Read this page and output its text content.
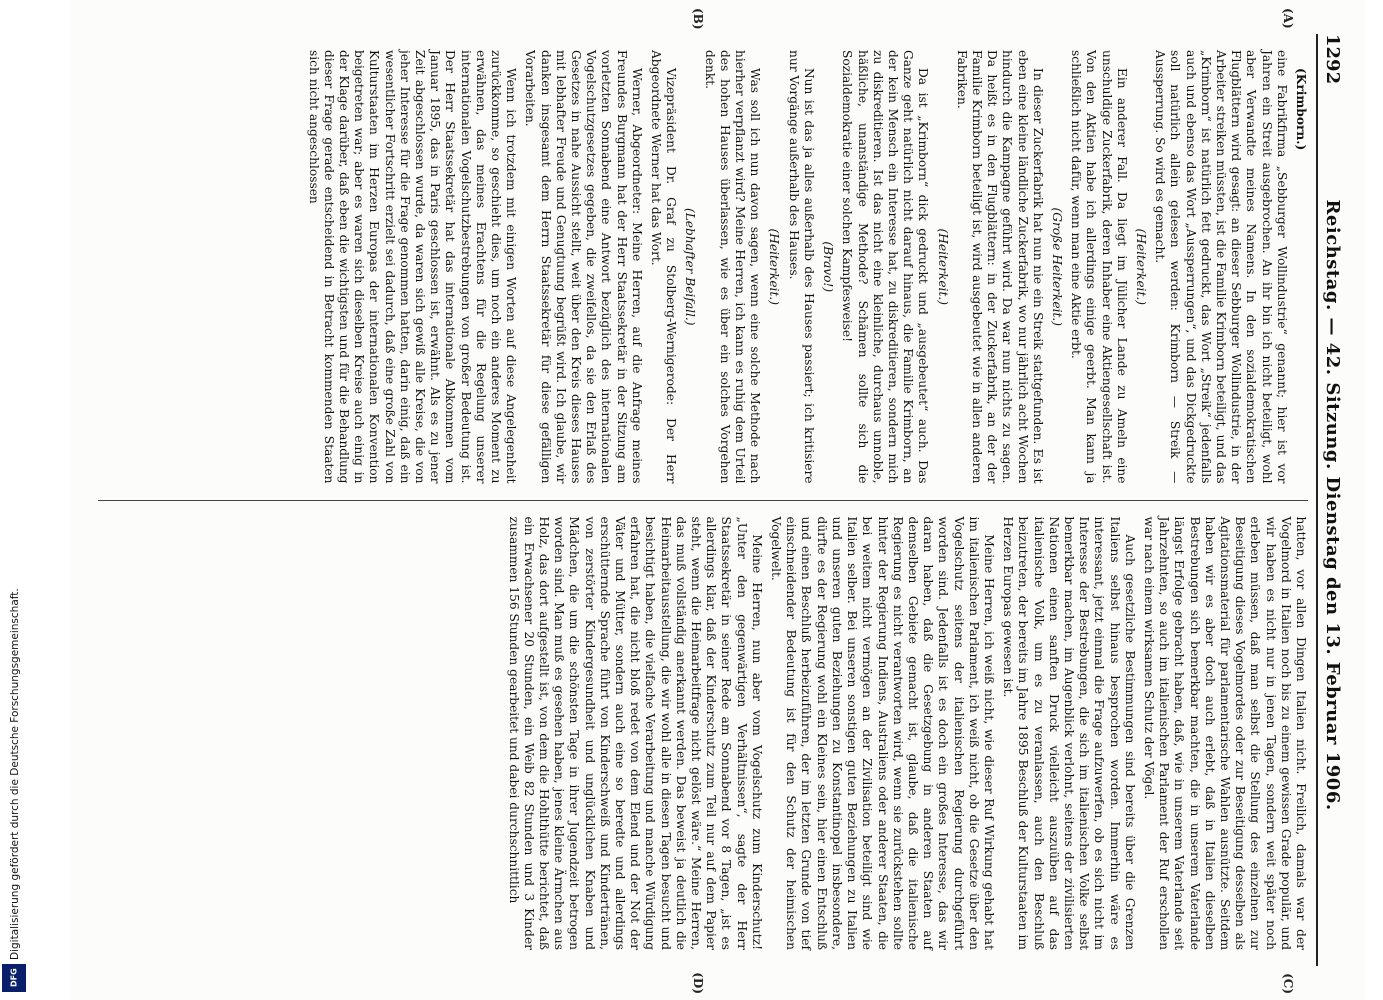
Digitalisierung gefördert durch die Deutsche Forschungsgemeinschaft.
DFG
1292
Reichstag. — 42. Sitzung. Dienstag den 13. Februar 1906.

(Krimborn.)

eine Fabrikfirma „Sebburger Wollindustrie“ genannt; hier ist vor Jahren ein Streit ausgebrochen. An ihr bin ich nicht beteiligt, wohl aber Verwandte meines Namens. In den sozialdemokratischen Flugblättern wird gesagt: an dieser Sebburger Wollindustrie, in der Arbeiter streiken müssten, ist die Familie Krimborn beteiligt, und das „Krimborn“ ist natürlich fett gedruckt, das Wort „Streik“ jedenfalls auch und ebenso das Wort „Aussperrungen“, und das Dickgedruckte soll natürlich allein gelesen werden: Krimborn — Streik — Aussperrung. So wird es gemacht.

(Heiterkeit.)

Ein anderer Fall. Da liegt im Jülicher Lande zu Ameln eine unschuldige Zuckerfabrik, deren Inhaber eine Aktiengesellschaft ist. Von den Aktien habe ich allerdings einige geerbt. Man kann ja schließlich nicht dafür, wenn man eine Aktie erbt.

(Große Heiterkeit.)

In dieser Zuckerfabrik hat nun nie ein Streik stattgefunden. Es ist eben eine kleine ländliche Zuckerfabrik, wo nur jährlich acht Wochen hindurch die Kampagne geführt wird. Da war nun nichts zu sagen. Da heißt es in den Flugblättern: in der Zuckerfabrik, an der der Familie Krimborn beteiligt ist, wird ausgebeutet wie in allen anderen Fabriken.

(Heiterkeit.)

Da ist „Krimborn“ dick gedruckt und „ausgebeutet“ auch. Das Ganze geht natürlich nicht darauf hinaus, die Familie Krimborn, an der kein Mensch ein Interesse hat, zu diskreditieren, sondern mich zu diskreditieren. Ist das nicht eine kleinliche, durchaus unnoble, häßliche, unanständige Methode? Schämen sollte sich die Sozialdemokratie einer solchen Kampfesweise!

(Bravo!)

Nun ist das ja alles außerhalb des Hauses passiert; ich kritisiere nur Vorgänge außerhalb des Hauses.

(Heiterkeit.)

Was soll ich nun davon sagen, wenn eine solche Methode nach hierher verpflanzt wird? Meine Herren, ich kann es ruhig dem Urteil des hohen Hauses überlassen, wie es über ein solches Vorgehen denkt.

(Lebhafter Beifall.)

Vizepräsident Dr. Graf zu Stolberg-Wernigerode: Der Herr Abgeordnete Werner hat das Wort.

Werner, Abgeordneter: Meine Herren, auf die Anfrage meines Freundes Burgmann hat der Herr Staatssekretär in der Sitzung am vorletzten Sonnabend eine Antwort bezüglich des internationalen Vogelschutzgesetzes gegeben, die zweifellos, da sie den Erlaß des Gesetzes in nahe Aussicht stellt, weit über den Kreis dieses Hauses mit lebhafter Freude und Genugtuung begrüßt wird. Ich glaube, wir danken insgesamt dem Herrn Staatssekretär für diese gefälligen Vorarbeiten.

Wenn ich trotzdem mit einigen Worten auf diese Angelegenheit zurückkomme, so geschieht dies, um noch ein anderes Moment zu erwähnen, das meines Erachtens für die Regelung unserer internationalen Vogelschutzbestrebungen von großer Bedeutung ist. Der Herr Staatssekretär hat das internationale Abkommen vom Januar 1895, das in Paris geschlossen ist, erwähnt. Als es zu jener Zeit abgeschlossen wurde, da waren sich gewiß alle Kreise, die von jeher Interesse für die Frage genommen hatten, darin einig, daß ein wesentlicher Fortschritt erzielt sei dadurch, daß eine große Zahl von Kulturstaaten im Herzen Europas der internationalen Konvention beigetreten war; aber es waren sich dieselben Kreise auch einig in der Klage darüber, daß eben die wichtigsten und für die Behandlung dieser Frage gerade entscheidend in Betracht kommenden Staaten sich nicht angeschlossen

hatten, vor allen Dingen Italien nicht. Freilich, damals war der Vogelmord in Italien noch bis zu einem gewissen Grade populär, und wir haben es nicht nur in jenen Tagen, sondern weit später noch erleben müssen, daß man selbst die Stellung des einzelnen zur Beseitigung dieses Vogelmordes oder zur Beseitigung desselben als Agitationsmaterial für parlamentarische Wahlen ausnützte. Seitdem haben wir es aber doch auch erlebt, daß in Italien dieselben Bestrebungen sich bemerkbar machten, die in unserem Vaterlande längst Erfolge gebracht haben, daß, wie in unserem Vaterlande seit Jahrzehnten, so auch im italienischen Parlament der Ruf erschollen war nach einem wirksamen Schutz der Vögel.

Auch gesetzliche Bestimmungen sind bereits über die Grenzen Italiens selbst hinaus besprochen worden. Immerhin wäre es interessant, jetzt einmal die Frage aufzuwerfen, ob es sich nicht im Interesse der Bestrebungen, die sich im italienischen Volke selbst bemerkbar machen, im Augenblick verlohnt, seitens der zivilisierten Nationen einen sanften Druck vielleicht auszuüben auf das italienische Volk, um es zu veranlassen, auch den Beschluß beizutreten, der bereits im Jahre 1895 Beschluß der Kulturstaaten im Herzen Europas gewesen ist.

Meine Herren, ich weiß nicht, wie dieser Ruf Wirkung gehabt hat im italienischen Parlament, ich weiß nicht, ob die Gesetze über den Vogelschutz seitens der italienischen Regierung durchgeführt worden sind. Jedenfalls ist es doch ein großes Interesse, das wir daran haben, daß die Gesetzgebung in anderen Staaten auf demselben Gebiete gemacht ist, glaube, daß die italienische Regierung es nicht verantworten wird, wenn sie zurückstehen sollte hinter der Regierung Indiens, Australiens oder anderer Staaten, die bei weitem nicht vermögen an der Zivilisation beteiligt sind wie Italien selber. Bei unseren sonstigen guten Beziehungen zu Italien und unseren guten Beziehungen zu Konstantinopel insbesondere, dürfte es der Regierung wohl ein Kleines sein, hier einen Entschluß und einen Beschluß herbeizuführen, der im letzten Grunde von tief einschneidender Bedeutung ist für den Schutz der heimischen Vogelwelt.

Meine Herren, nun aber vom Vogelschutz zum Kinderschutz! „Unter den gegenwärtigen Verhältnissen“, sagte der Herr Staatssekretär in seiner Rede am Sonnabend vor 8 Tagen, „ist es allerdings klar, daß der Kinderschutz zum Teil nur auf dem Papier steht, wenn die Heimarbeitfrage nicht gelöst wäre.“ Meine Herren, das muß vollständig anerkannt werden. Das beweist ja deutlich die Heimarbeitausstellung, die wir wohl alle in diesen Tagen besucht und besichtigt haben, die vielfache Verarbeitung und manche Würdigung erfahren hat, die nicht bloß redet von dem Elend und der Not der Väter und Mütter, sondern auch eine so beredte und allerdings erschütternde Sprache führt von Kinderschweiß und Kindertränen, von zerstörter Kindergesundheit und unglücklichen Knaben und Mädchen, die um die schönsten Tage in ihrer Jugendzeit betrogen worden sind. Man muß es gesehen haben, jenes kleine Ärmchen aus Holz, das dort aufgestellt ist, von dem die Hohlthütte berichtet, daß ein Erwachsener 20 Stunden, ein Weib 82 Stunden und 3 Kinder zusammen 156 Stunden gearbeitet und dabei durchschnittlich

(A)
(B)
(C)
(D)
